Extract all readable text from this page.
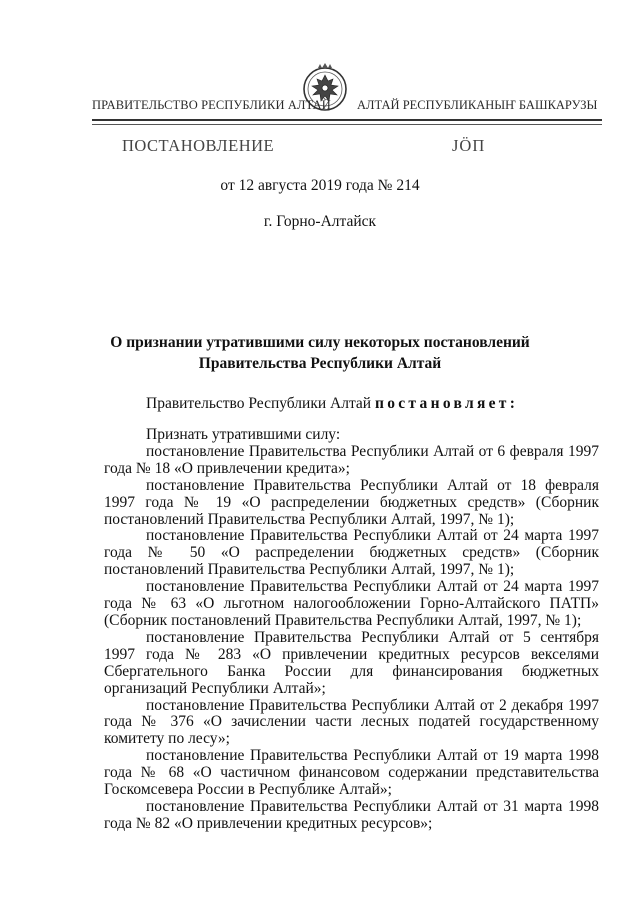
ПРАВИТЕЛЬСТВО РЕСПУБЛИКИ АЛТАЙ АЛТАЙ РЕСПУБЛИКАНЫҤ БАШКАРУЗЫ
ПОСТАНОВЛЕНИЕ	ЈӦП
от 12 августа 2019 года № 214
г. Горно-Алтайск
О признании утратившими силу некоторых постановлений
Правительства Республики Алтай
Правительство Республики Алтай постановляет:

Признать утратившими силу:

постановление Правительства Республики Алтай от 6 февраля 1997 года № 18 «О привлечении кредита»;

постановление Правительства Республики Алтай от 18 февраля 1997 года № 19 «О распределении бюджетных средств» (Сборник постановлений Правительства Республики Алтай, 1997, № 1);

постановление Правительства Республики Алтай от 24 марта 1997 года № 50 «О распределении бюджетных средств» (Сборник постановлений Правительства Республики Алтай, 1997, № 1);

постановление Правительства Республики Алтай от 24 марта 1997 года № 63 «О льготном налогообложении Горно-Алтайского ПАТП» (Сборник постановлений Правительства Республики Алтай, 1997, № 1);

постановление Правительства Республики Алтай от 5 сентября 1997 года № 283 «О привлечении кредитных ресурсов векселями Сбергательного Банка России для финансирования бюджетных организаций Республики Алтай»;

постановление Правительства Республики Алтай от 2 декабря 1997 года № 376 «О зачислении части лесных податей государственному комитету по лесу»;

постановление Правительства Республики Алтай от 19 марта 1998 года № 68 «О частичном финансовом содержании представительства Госкомсевера России в Республике Алтай»;

постановление Правительства Республики Алтай от 31 марта 1998 года № 82 «О привлечении кредитных ресурсов»;
